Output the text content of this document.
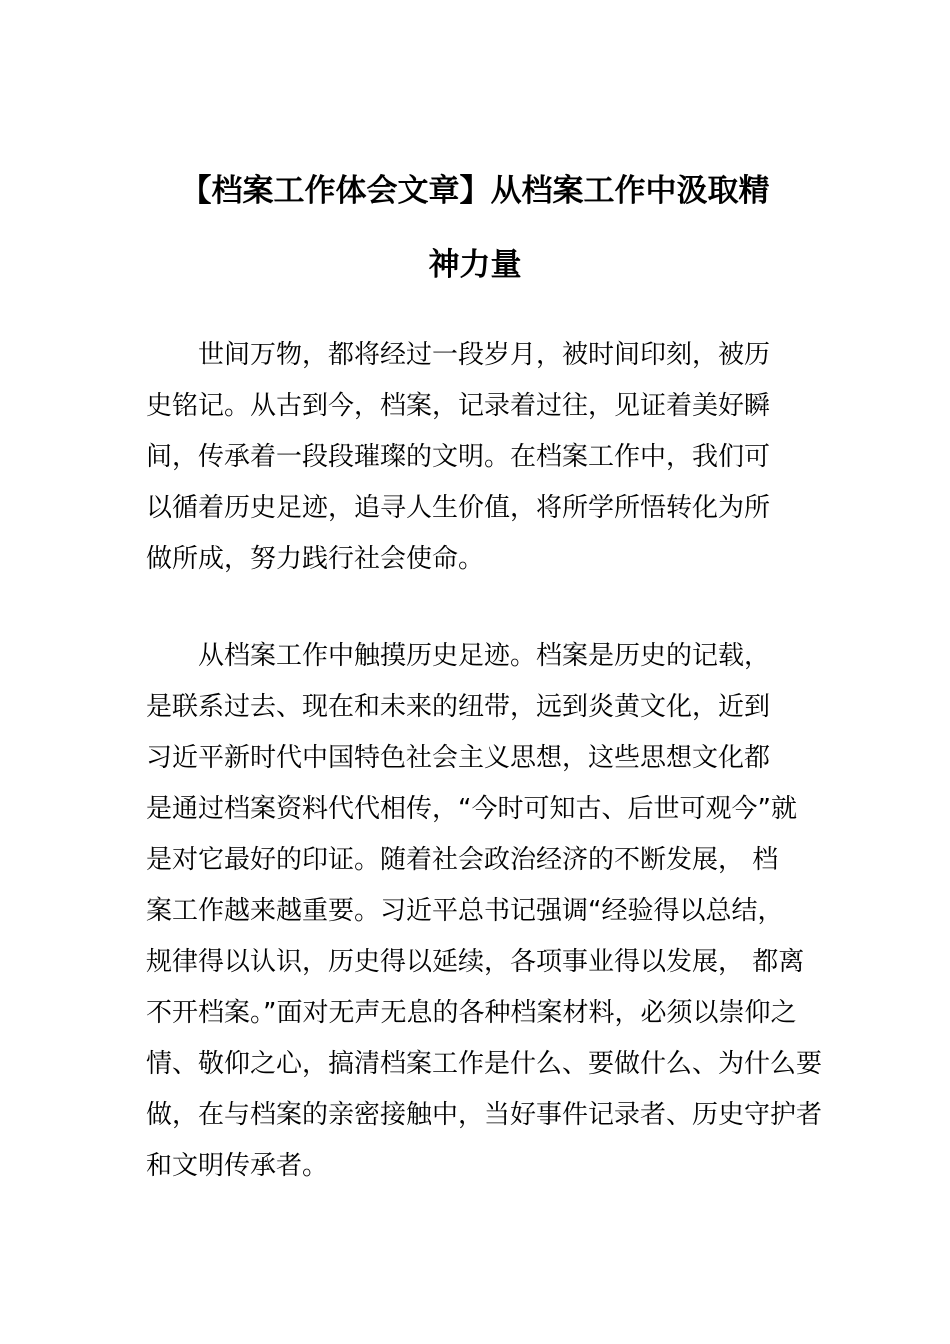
【档案工作体会文章】从档案工作中汲取精
神力量
世间万物，都将经过一段岁月，被时间印刻，被历
史铭记。从古到今，档案，记录着过往，见证着美好瞬
间，传承着一段段璀璨的文明。在档案工作中，我们可
以循着历史足迹，追寻人生价值，将所学所悟转化为所
做所成，努力践行社会使命。
从档案工作中触摸历史足迹。档案是历史的记载，
是联系过去、现在和未来的纽带，远到炎黄文化，近到
习近平新时代中国特色社会主义思想，这些思想文化都
是通过档案资料代代相传，“今时可知古、后世可观今”就
是对它最好的印证。随着社会政治经济的不断发展， 档
案工作越来越重要。习近平总书记强调“经验得以总结，
规律得以认识，历史得以延续，各项事业得以发展， 都离
不开档案。”面对无声无息的各种档案材料，必须以崇仰之
情、敬仰之心，搞清档案工作是什么、要做什么、为什么要
做，在与档案的亲密接触中，当好事件记录者、历史守护者
和文明传承者。
